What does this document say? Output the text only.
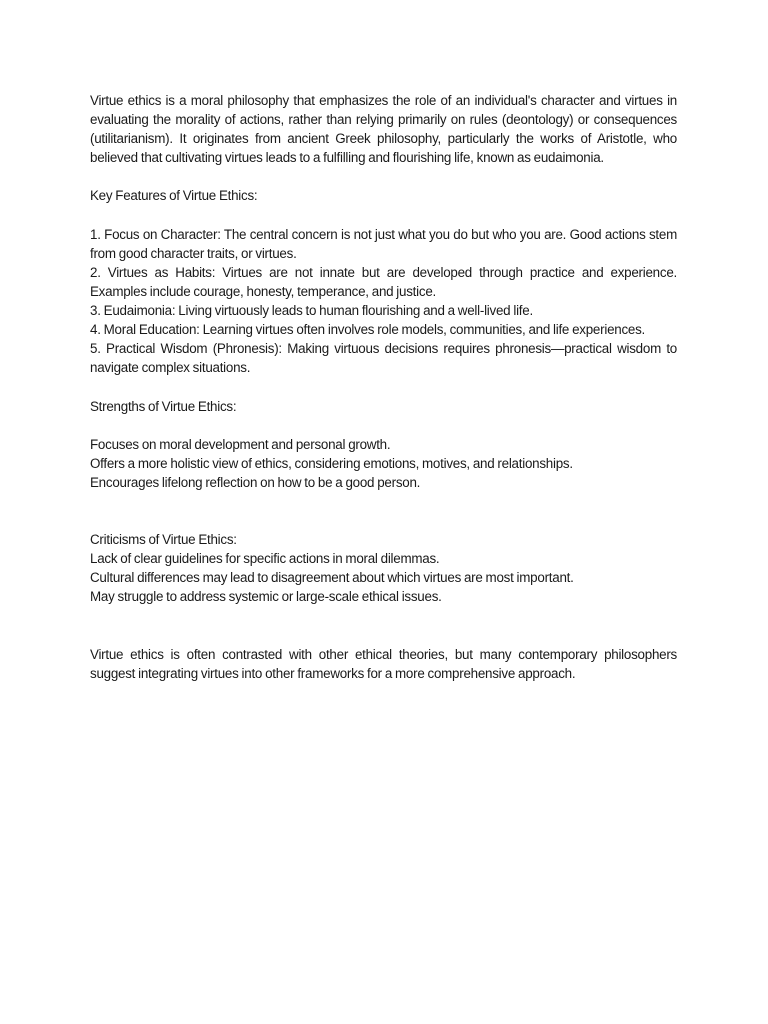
Virtue ethics is a moral philosophy that emphasizes the role of an individual's character and virtues in evaluating the morality of actions, rather than relying primarily on rules (deontology) or consequences (utilitarianism). It originates from ancient Greek philosophy, particularly the works of Aristotle, who believed that cultivating virtues leads to a fulfilling and flourishing life, known as eudaimonia.

Key Features of Virtue Ethics:

1. Focus on Character: The central concern is not just what you do but who you are. Good actions stem from good character traits, or virtues.

2. Virtues as Habits: Virtues are not innate but are developed through practice and experience. Examples include courage, honesty, temperance, and justice.

3. Eudaimonia: Living virtuously leads to human flourishing and a well-lived life.

4. Moral Education: Learning virtues often involves role models, communities, and life experiences.

5. Practical Wisdom (Phronesis): Making virtuous decisions requires phronesis—practical wisdom to navigate complex situations.

Strengths of Virtue Ethics:

Focuses on moral development and personal growth.

Offers a more holistic view of ethics, considering emotions, motives, and relationships.

Encourages lifelong reflection on how to be a good person.

Criticisms of Virtue Ethics:

Lack of clear guidelines for specific actions in moral dilemmas.

Cultural differences may lead to disagreement about which virtues are most important.

May struggle to address systemic or large-scale ethical issues.

Virtue ethics is often contrasted with other ethical theories, but many contemporary philosophers suggest integrating virtues into other frameworks for a more comprehensive approach.
